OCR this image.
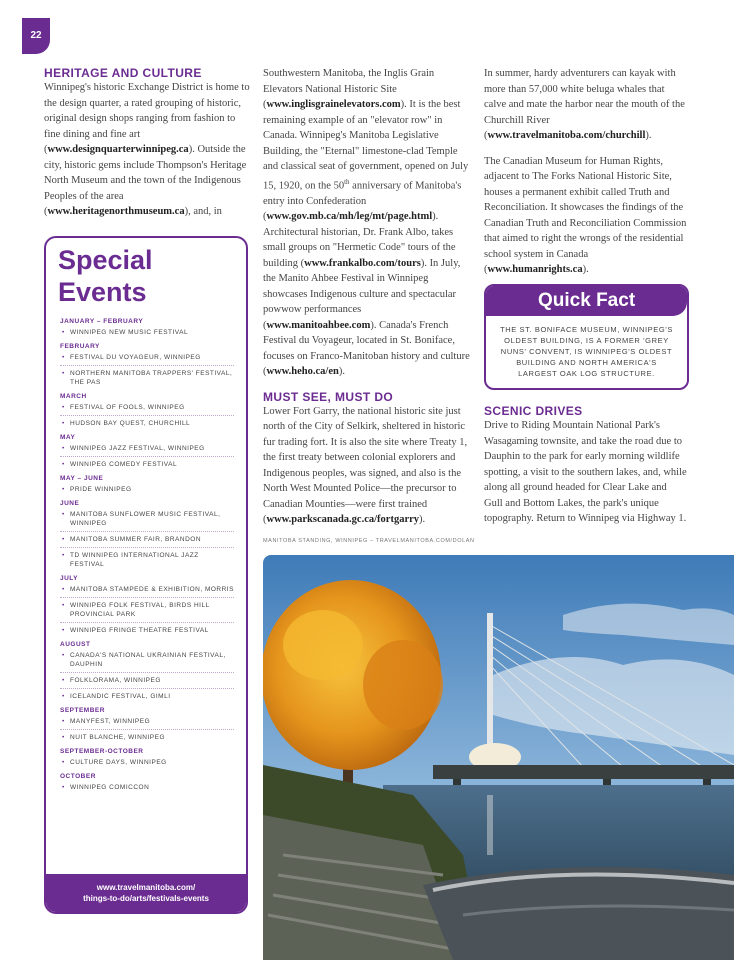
22
HERITAGE AND CULTURE

Winnipeg's historic Exchange District is home to the design quarter, a rated grouping of historic, original design shops ranging from fashion to fine dining and fine art (www.designquarterwinnipeg.ca). Outside the city, historic gems include Thompson's Heritage North Museum and the town of the Indigenous Peoples of the area (www.heritagenorthmuseum.ca), and, in

Special Events
JANUARY – FEBRUARY
• WINNIPEG NEW MUSIC FESTIVAL
FEBRUARY
• FESTIVAL DU VOYAGEUR, WINNIPEG
• NORTHERN MANITOBA TRAPPERS' FESTIVAL, THE PAS
MARCH
• FESTIVAL OF FOOLS, WINNIPEG
• HUDSON BAY QUEST, CHURCHILL
MAY
• WINNIPEG JAZZ FESTIVAL, WINNIPEG
• WINNIPEG COMEDY FESTIVAL
MAY – JUNE
• PRIDE WINNIPEG
JUNE
• MANITOBA SUNFLOWER MUSIC FESTIVAL, WINNIPEG
• MANITOBA SUMMER FAIR, BRANDON
• TD WINNIPEG INTERNATIONAL JAZZ FESTIVAL
JULY
• MANITOBA STAMPEDE & EXHIBITION, MORRIS
• WINNIPEG FOLK FESTIVAL, BIRDS HILL PROVINCIAL PARK
• WINNIPEG FRINGE THEATRE FESTIVAL
AUGUST
• CANADA'S NATIONAL UKRAINIAN FESTIVAL, DAUPHIN
• FOLKLORAMA, WINNIPEG
• ICELANDIC FESTIVAL, GIMLI
SEPTEMBER
• MANYFEST, WINNIPEG
• NUIT BLANCHE, WINNIPEG
SEPTEMBER-OCTOBER
• CULTURE DAYS, WINNIPEG
OCTOBER
• WINNIPEG COMICCON
www.travelmanitoba.com/
things-to-do/arts/festivals-events

Southwestern Manitoba, the Inglis Grain Elevators National Historic Site (www.inglisgrainelevators.com). It is the best remaining example of an "elevator row" in Canada. Winnipeg's Manitoba Legislative Building, the "Eternal" limestone-clad Temple and classical seat of government, opened on July 15, 1920, on the 50th anniversary of Manitoba's entry into Confederation (www.gov.mb.ca/mh/leg/mt/page.html). Architectural historian, Dr. Frank Albo, takes small groups on "Hermetic Code" tours of the building (www.frankalbo.com/tours). In July, the Manito Ahbee Festival in Winnipeg showcases Indigenous culture and spectacular powwow performances (www.manitoahbee.com). Canada's French Festival du Voyageur, located in St. Boniface, focuses on Franco-Manitoban history and culture (www.heho.ca/en).

MUST SEE, MUST DO

Lower Fort Garry, the national historic site just north of the City of Selkirk, sheltered in historic fur trading fort. It is also the site where Treaty 1, the first treaty between colonial explorers and Indigenous peoples, was signed, and also is the North West Mounted Police—the precursor to Canadian Mounties—were first trained (www.parkscanada.gc.ca/fortgarry).

In summer, hardy adventurers can kayak with more than 57,000 white beluga whales that calve and mate the harbor near the mouth of the Churchill River (www.travelmanitoba.com/churchill).

The Canadian Museum for Human Rights, adjacent to The Forks National Historic Site, houses a permanent exhibit called Truth and Reconciliation. It showcases the findings of the Canadian Truth and Reconciliation Commission that aimed to right the wrongs of the residential school system in Canada (www.humanrights.ca).

Quick Fact
THE ST. BONIFACE MUSEUM, WINNIPEG'S OLDEST BUILDING, IS A FORMER 'GREY NUNS' CONVENT, IS WINNIPEG'S OLDEST BUILDING AND NORTH AMERICA'S LARGEST OAK LOG STRUCTURE.
SCENIC DRIVES

Drive to Riding Mountain National Park's Wasagaming townsite, and take the road due to Dauphin to the park for early morning wildlife spotting, a visit to the southern lakes, and, while along all ground headed for Clear Lake and Gull and Bottom Lakes, the park's unique topography. Return to Winnipeg via Highway 1.

MANITOBA STANDING, WINNIPEG – TRAVELMANITOBA.COM/DOLAN
